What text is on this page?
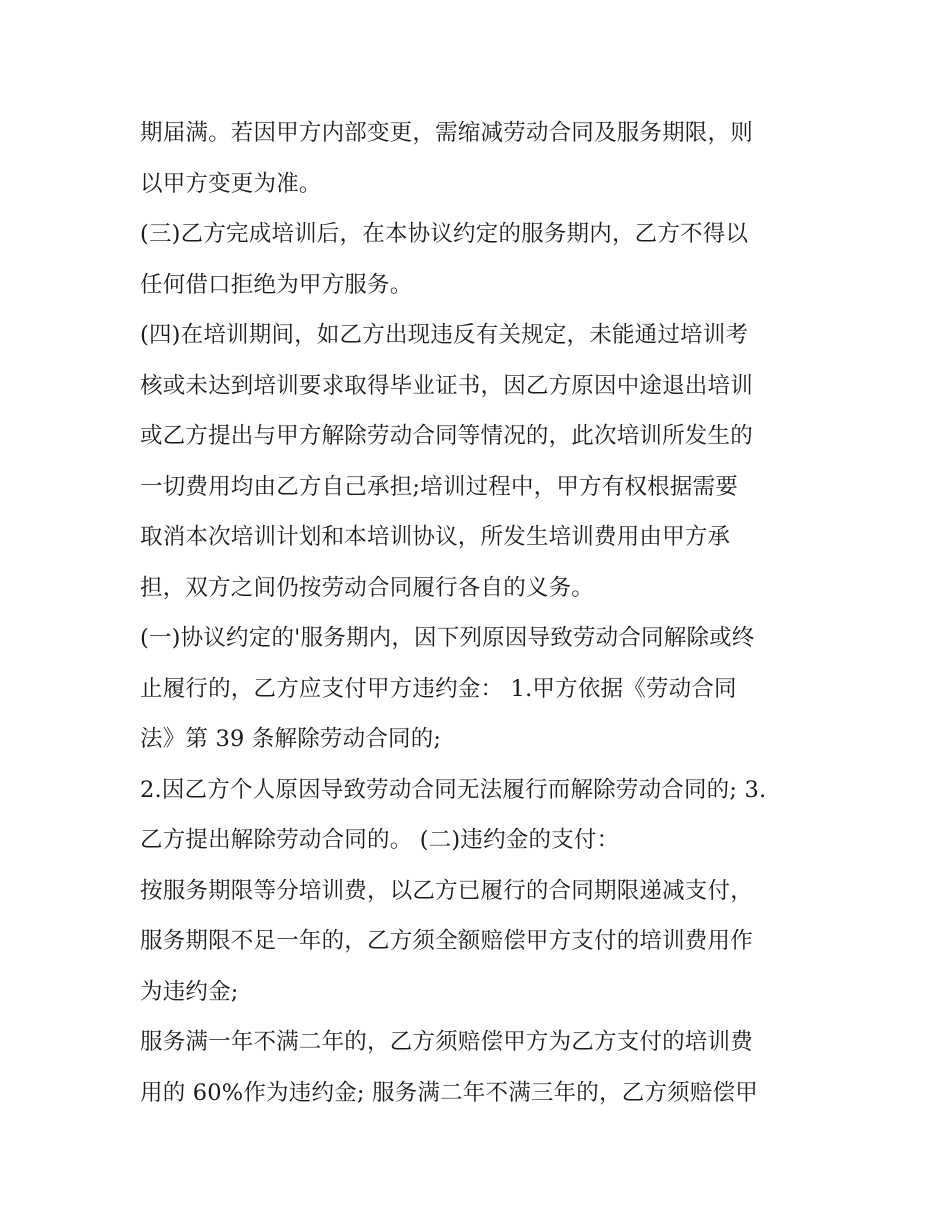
期届满。若因甲方内部变更，需缩减劳动合同及服务期限，则
以甲方变更为准。
(三)乙方完成培训后，在本协议约定的服务期内，乙方不得以
任何借口拒绝为甲方服务。
(四)在培训期间，如乙方出现违反有关规定，未能通过培训考
核或未达到培训要求取得毕业证书，因乙方原因中途退出培训
或乙方提出与甲方解除劳动合同等情况的，此次培训所发生的
一切费用均由乙方自己承担;培训过程中，甲方有权根据需要
取消本次培训计划和本培训协议，所发生培训费用由甲方承
担，双方之间仍按劳动合同履行各自的义务。
(一)协议约定的'服务期内，因下列原因导致劳动合同解除或终
止履行的，乙方应支付甲方违约金： 1.甲方依据《劳动合同
法》第 39 条解除劳动合同的;
2.因乙方个人原因导致劳动合同无法履行而解除劳动合同的; 3.
乙方提出解除劳动合同的。 (二)违约金的支付：
按服务期限等分培训费，以乙方已履行的合同期限递减支付，
服务期限不足一年的，乙方须全额赔偿甲方支付的培训费用作
为违约金;
服务满一年不满二年的，乙方须赔偿甲方为乙方支付的培训费
用的 60%作为违约金; 服务满二年不满三年的，乙方须赔偿甲
